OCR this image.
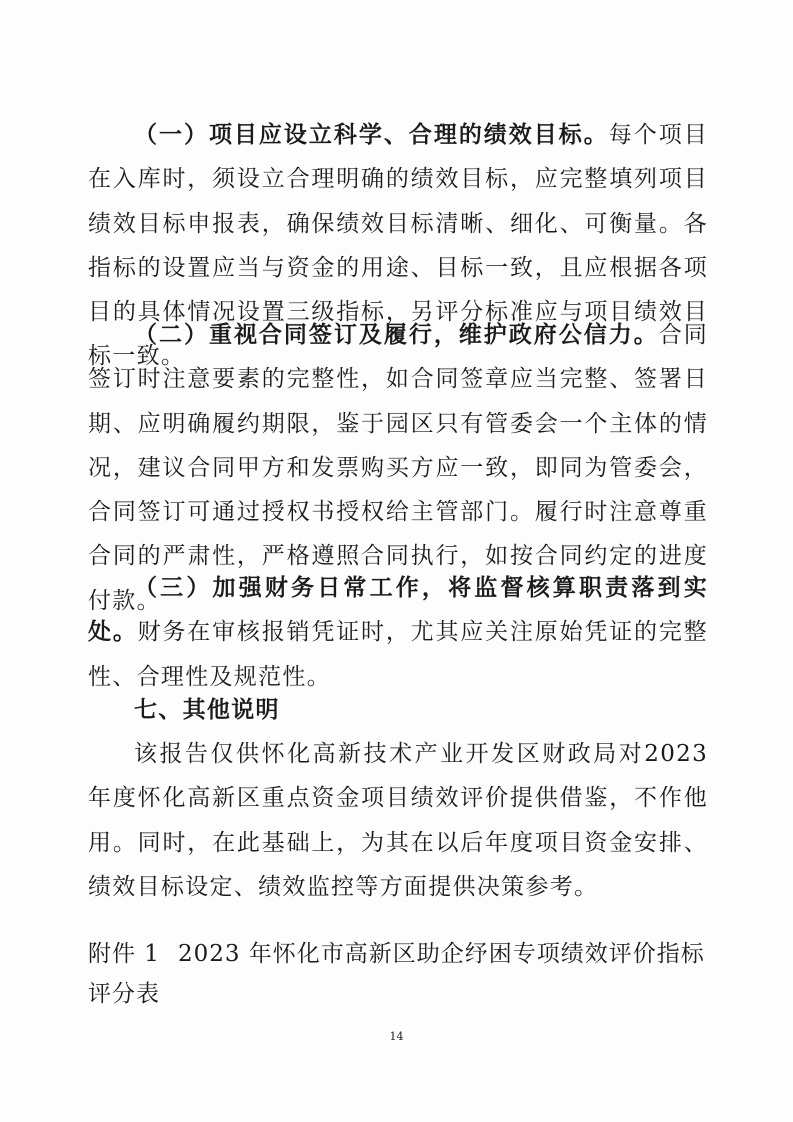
（一）项目应设立科学、合理的绩效目标。每个项目在入库时，须设立合理明确的绩效目标，应完整填列项目绩效目标申报表，确保绩效目标清晰、细化、可衡量。各指标的设置应当与资金的用途、目标一致，且应根据各项目的具体情况设置三级指标，另评分标准应与项目绩效目标一致。

（二）重视合同签订及履行，维护政府公信力。合同签订时注意要素的完整性，如合同签章应当完整、签署日期、应明确履约期限，鉴于园区只有管委会一个主体的情况，建议合同甲方和发票购买方应一致，即同为管委会，合同签订可通过授权书授权给主管部门。履行时注意尊重合同的严肃性，严格遵照合同执行，如按合同约定的进度付款。

（三）加强财务日常工作，将监督核算职责落到实处。财务在审核报销凭证时，尤其应关注原始凭证的完整性、合理性及规范性。

七、其他说明

该报告仅供怀化高新技术产业开发区财政局对2023年度怀化高新区重点资金项目绩效评价提供借鉴，不作他用。同时，在此基础上，为其在以后年度项目资金安排、绩效目标设定、绩效监控等方面提供决策参考。

附件 1 2023 年怀化市高新区助企纾困专项绩效评价指标评分表

14
